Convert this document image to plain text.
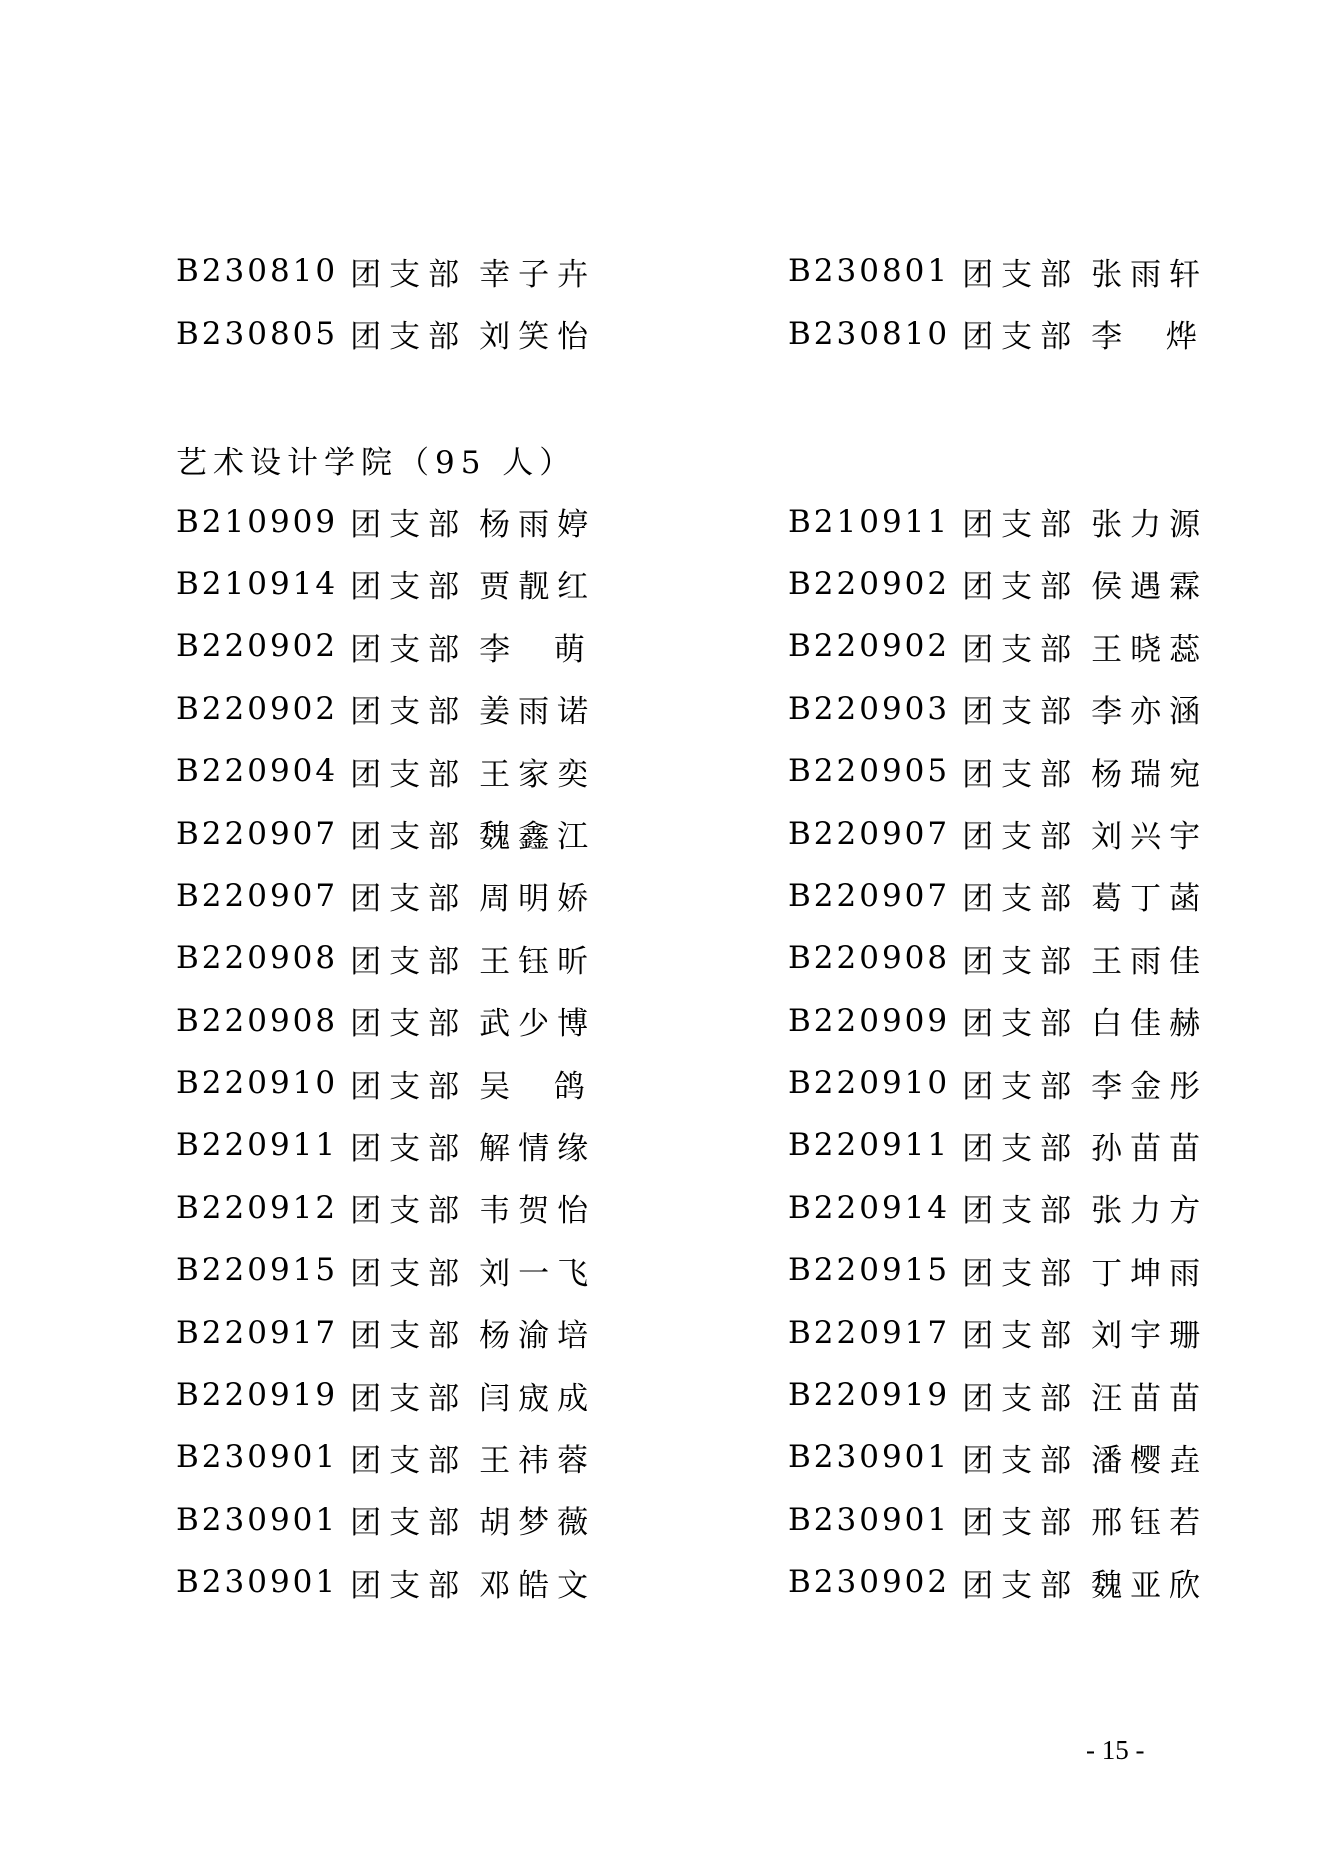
B230810 团支部 幸子卉	B230801 团支部 张雨轩
B230805 团支部 刘笑怡	B230810 团支部 李  烨
艺术设计学院（95 人）
B210909 团支部 杨雨婷	B210911 团支部 张力源
B210914 团支部 贾靓红	B220902 团支部 侯遇霖
B220902 团支部 李  萌	B220902 团支部 王晓蕊
B220902 团支部 姜雨诺	B220903 团支部 李亦涵
B220904 团支部 王家奕	B220905 团支部 杨瑞宛
B220907 团支部 魏鑫江	B220907 团支部 刘兴宇
B220907 团支部 周明娇	B220907 团支部 葛丁菡
B220908 团支部 王钰昕	B220908 团支部 王雨佳
B220908 团支部 武少博	B220909 团支部 白佳赫
B220910 团支部 吴  鸽	B220910 团支部 李金彤
B220911 团支部 解情缘	B220911 团支部 孙苗苗
B220912 团支部 韦贺怡	B220914 团支部 张力方
B220915 团支部 刘一飞	B220915 团支部 丁坤雨
B220917 团支部 杨渝培	B220917 团支部 刘宇珊
B220919 团支部 闫宬成	B220919 团支部 汪苗苗
B230901 团支部 王祎蓉	B230901 团支部 潘樱垚
B230901 团支部 胡梦薇	B230901 团支部 邢钰若
B230901 团支部 邓皓文	B230902 团支部 魏亚欣
- 15 -
